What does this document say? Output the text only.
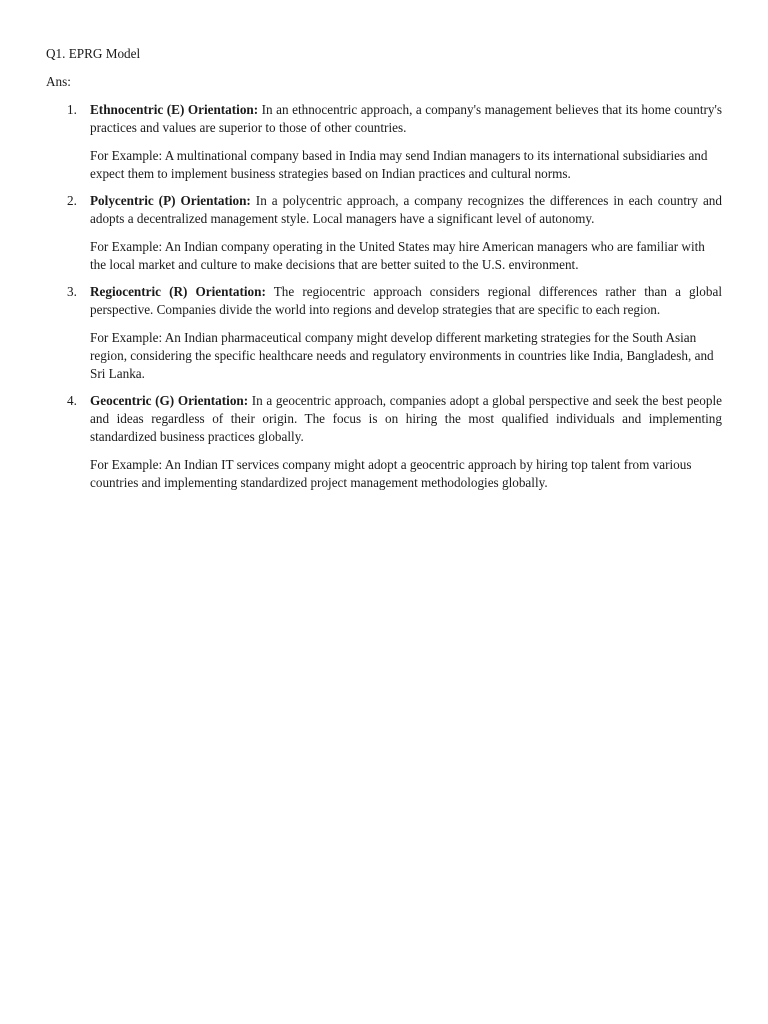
Q1. EPRG Model

Ans:

1. Ethnocentric (E) Orientation: In an ethnocentric approach, a company's management believes that its home country's practices and values are superior to those of other countries.

For Example: A multinational company based in India may send Indian managers to its international subsidiaries and expect them to implement business strategies based on Indian practices and cultural norms.

2. Polycentric (P) Orientation: In a polycentric approach, a company recognizes the differences in each country and adopts a decentralized management style. Local managers have a significant level of autonomy.

For Example: An Indian company operating in the United States may hire American managers who are familiar with the local market and culture to make decisions that are better suited to the U.S. environment.

3. Regiocentric (R) Orientation: The regiocentric approach considers regional differences rather than a global perspective. Companies divide the world into regions and develop strategies that are specific to each region.

For Example: An Indian pharmaceutical company might develop different marketing strategies for the South Asian region, considering the specific healthcare needs and regulatory environments in countries like India, Bangladesh, and Sri Lanka.

4. Geocentric (G) Orientation: In a geocentric approach, companies adopt a global perspective and seek the best people and ideas regardless of their origin. The focus is on hiring the most qualified individuals and implementing standardized business practices globally.

For Example: An Indian IT services company might adopt a geocentric approach by hiring top talent from various countries and implementing standardized project management methodologies globally.
